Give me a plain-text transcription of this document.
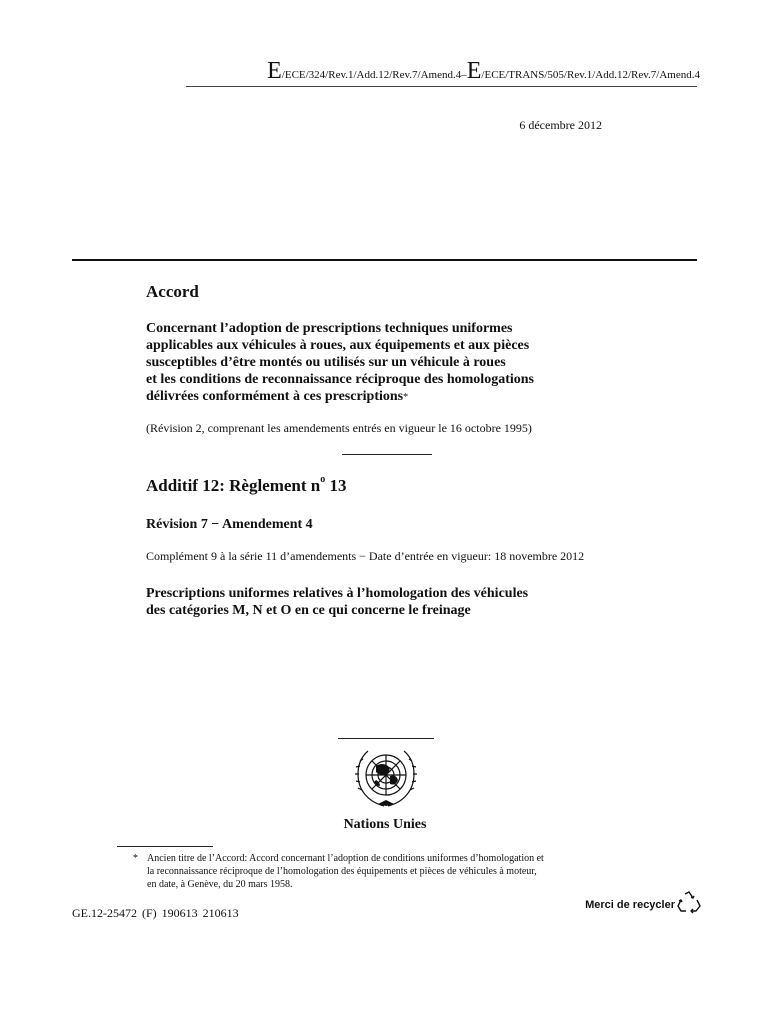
E/ECE/324/Rev.1/Add.12/Rev.7/Amend.4–E/ECE/TRANS/505/Rev.1/Add.12/Rev.7/Amend.4
6 décembre 2012
Accord
Concernant l’adoption de prescriptions techniques uniformes
applicables aux véhicules à roues, aux équipements et aux pièces
susceptibles d’être montés ou utilisés sur un véhicule à roues
et les conditions de reconnaissance réciproque des homologations
délivrées conformément à ces prescriptions*
(Révision 2, comprenant les amendements entrés en vigueur le 16 octobre 1995)
Additif 12: Règlement $n^o$ 13
Révision 7 − Amendement 4
Complément 9 à la série 11 d’amendements − Date d’entrée en vigueur: 18 novembre 2012
Prescriptions uniformes relatives à l’homologation des véhicules
des catégories M, N et O en ce qui concerne le freinage
Nations Unies
* Ancien titre de l’Accord: Accord concernant l’adoption de conditions uniformes d’homologation et
la reconnaissance réciproque de l’homologation des équipements et pièces de véhicules à moteur,
en date, à Genève, du 20 mars 1958.
GE.12-25472 (F) 190613 210613
Merci de recycler
